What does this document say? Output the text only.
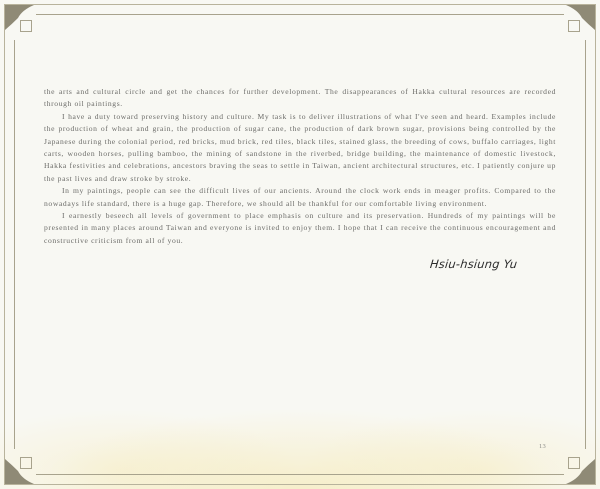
the arts and cultural circle and get the chances for further development. The disappearances of Hakka cultural resources are recorded through oil paintings.

I have a duty toward preserving history and culture. My task is to deliver illustrations of what I've seen and heard. Examples include the production of wheat and grain, the production of sugar cane, the production of dark brown sugar, provisions being controlled by the Japanese during the colonial period, red bricks, mud brick, red tiles, black tiles, stained glass, the breeding of cows, buffalo carriages, light carts, wooden horses, pulling bamboo, the mining of sandstone in the riverbed, bridge building, the maintenance of domestic livestock, Hakka festivities and celebrations, ancestors braving the seas to settle in Taiwan, ancient architectural structures, etc. I patiently conjure up the past lives and draw stroke by stroke.

In my paintings, people can see the difficult lives of our ancients. Around the clock work ends in meager profits. Compared to the nowadays life standard, there is a huge gap. Therefore, we should all be thankful for our comfortable living environment.

I earnestly beseech all levels of government to place emphasis on culture and its preservation. Hundreds of my paintings will be presented in many places around Taiwan and everyone is invited to enjoy them. I hope that I can receive the continuous encouragement and constructive criticism from all of you.

Hsiu-hsiung Yu
13
